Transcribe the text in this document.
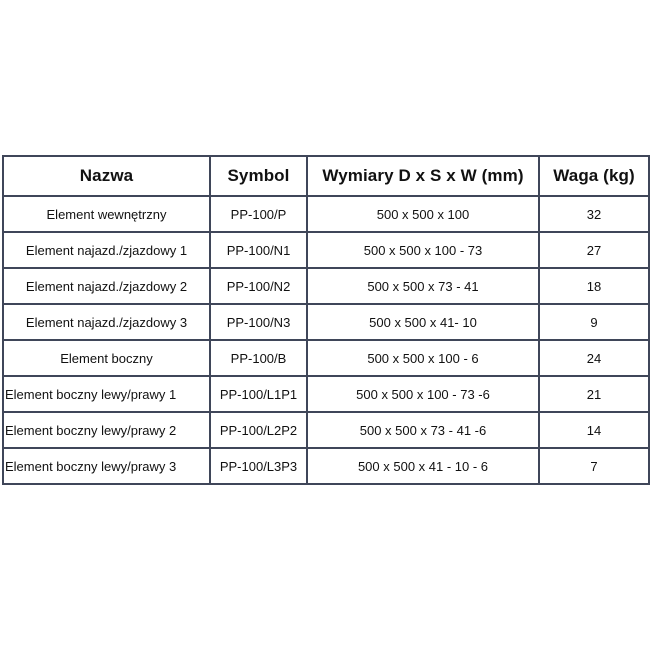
Nazwa	Symbol	Wymiary D x S x W (mm)	Waga (kg)
Element wewnętrzny	PP-100/P	500 x 500 x 100	32
Element najazd./zjazdowy 1	PP-100/N1	500 x 500 x 100 - 73	27
Element najazd./zjazdowy 2	PP-100/N2	500 x 500 x 73 - 41	18
Element najazd./zjazdowy 3	PP-100/N3	500 x 500 x 41- 10	9
Element boczny	PP-100/B	500 x 500 x 100 - 6	24
Element boczny lewy/prawy 1	PP-100/L1P1	500 x 500 x 100 - 73 -6	21
Element boczny lewy/prawy 2	PP-100/L2P2	500 x 500 x 73 - 41 -6	14
Element boczny lewy/prawy 3	PP-100/L3P3	500 x 500 x 41 - 10 - 6	7
